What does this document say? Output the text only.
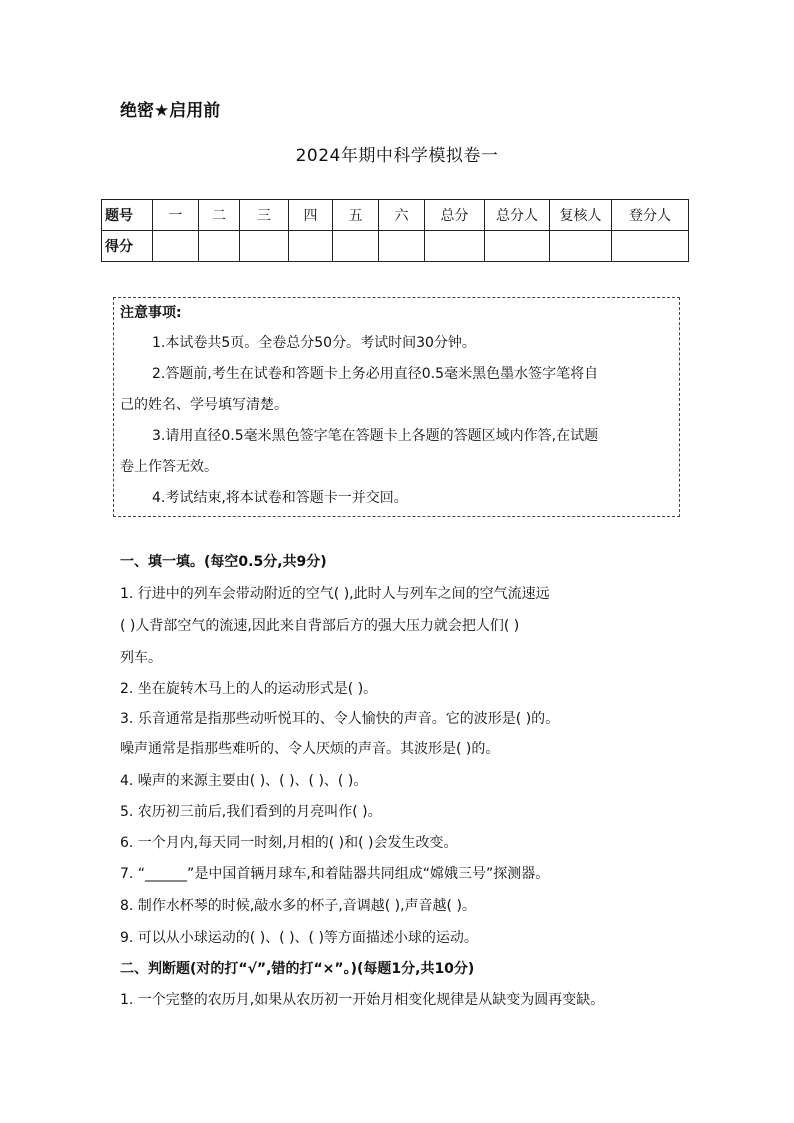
绝密★启用前
2024年期中科学模拟卷一
题号	一	二	三	四	五	六	总分	总分人	复核人	登分人
得分										
注意事项:
1.本试卷共5页。全卷总分50分。考试时间30分钟。
2.答题前,考生在试卷和答题卡上务必用直径0.5毫米黑色墨水签字笔将自
己的姓名、学号填写清楚。
3.请用直径0.5毫米黑色签字笔在答题卡上各题的答题区域内作答,在试题
卷上作答无效。
4.考试结束,将本试卷和答题卡一并交回。
一、填一填。(每空0.5分,共9分)
1. 行进中的列车会带动附近的空气( ),此时人与列车之间的空气流速远
( )人背部空气的流速,因此来自背部后方的强大压力就会把人们( )
列车。
2. 坐在旋转木马上的人的运动形式是( )。
3. 乐音通常是指那些动听悦耳的、令人愉快的声音。它的波形是( )的。
噪声通常是指那些难听的、令人厌烦的声音。其波形是( )的。
4. 噪声的来源主要由( )、( )、( )、( )。
5. 农历初三前后,我们看到的月亮叫作( )。
6. 一个月内,每天同一时刻,月相的( )和( )会发生改变。
7. “______”是中国首辆月球车,和着陆器共同组成“嫦娥三号”探测器。
8. 制作水杯琴的时候,敲水多的杯子,音调越( ),声音越( )。
9. 可以从小球运动的( )、( )、( )等方面描述小球的运动。
二、判断题(对的打“√”,错的打“×”。)(每题1分,共10分)
1. 一个完整的农历月,如果从农历初一开始月相变化规律是从缺变为圆再变缺。
